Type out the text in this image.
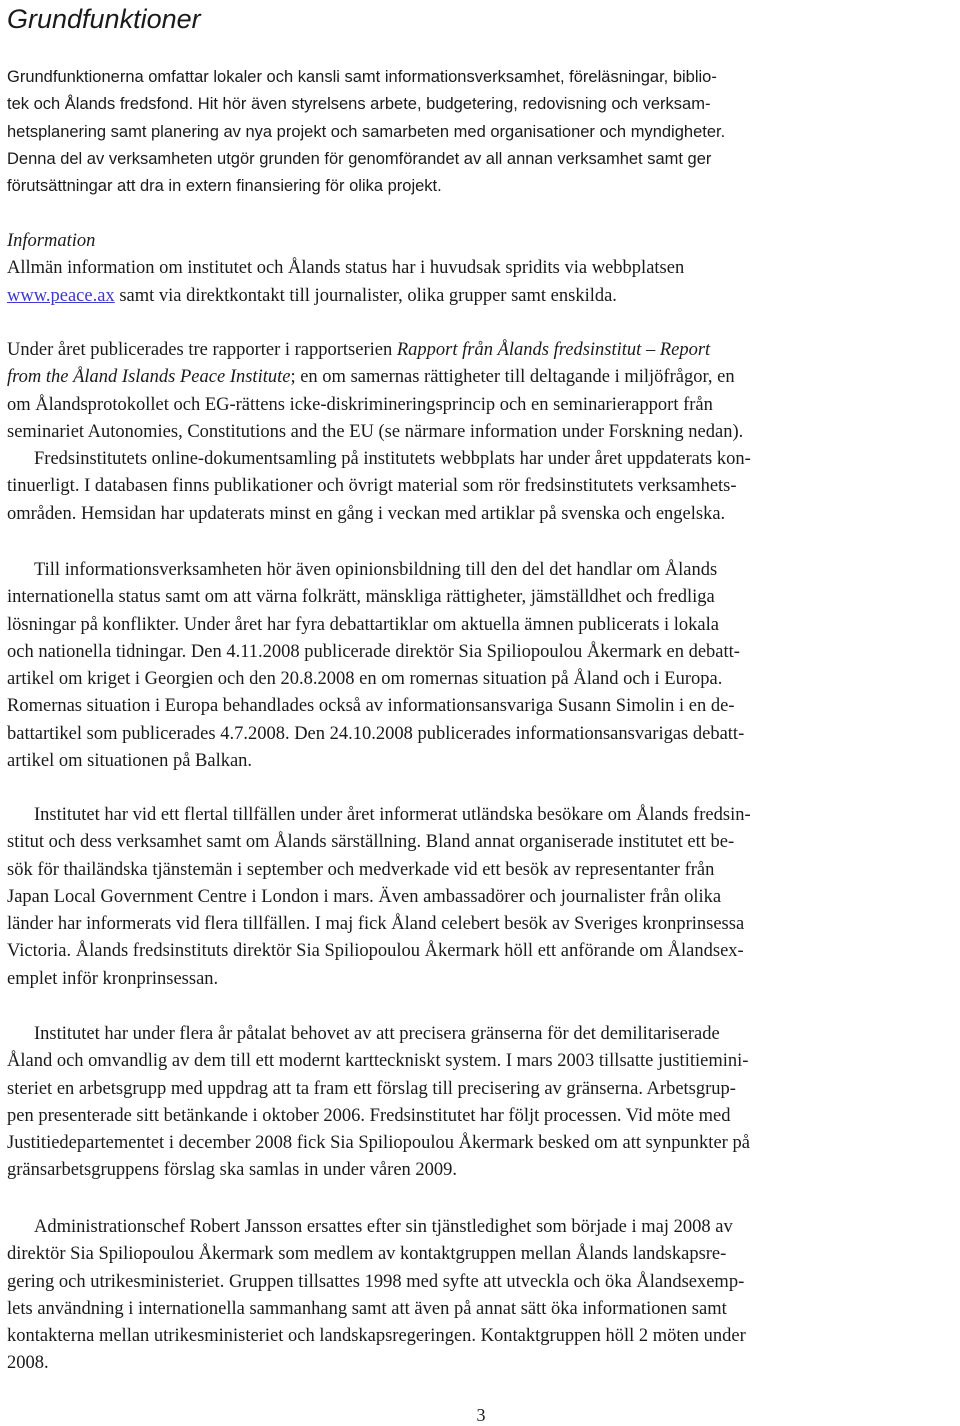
Grundfunktioner
Grundfunktionerna omfattar lokaler och kansli samt informationsverksamhet, föreläsningar, biblio-
tek och Ålands fredsfond. Hit hör även styrelsens arbete, budgetering, redovisning och verksam-
hetsplanering samt planering av nya projekt och samarbeten med organisationer och myndigheter.
Denna del av verksamheten utgör grunden för genomförandet av all annan verksamhet samt ger
förutsättningar att dra in extern finansiering för olika projekt.
Information
Allmän information om institutet och Ålands status har i huvudsak spridits via webbplatsen
www.peace.ax samt via direktkontakt till journalister, olika grupper samt enskilda.
Under året publicerades tre rapporter i rapportserien Rapport från Ålands fredsinstitut – Report
from the Åland Islands Peace Institute; en om samernas rättigheter till deltagande i miljöfrågor, en
om Ålandsprotokollet och EG-rättens icke-diskrimineringsprincip och en seminarierapport från
seminariet Autonomies, Constitutions and the EU (se närmare information under Forskning nedan).
Fredsinstitutets online-dokumentsamling på institutets webbplats har under året uppdaterats kon-
tinuerligt. I databasen finns publikationer och övrigt material som rör fredsinstitutets verksamhets-
områden. Hemsidan har updaterats minst en gång i veckan med artiklar på svenska och engelska.
Till informationsverksamheten hör även opinionsbildning till den del det handlar om Ålands
internationella status samt om att värna folkrätt, mänskliga rättigheter, jämställdhet och fredliga
lösningar på konflikter. Under året har fyra debattartiklar om aktuella ämnen publicerats i lokala
och nationella tidningar. Den 4.11.2008 publicerade direktör Sia Spiliopoulou Åkermark en debatt-
artikel om kriget i Georgien och den 20.8.2008 en om romernas situation på Åland och i Europa.
Romernas situation i Europa behandlades också av informationsansvariga Susann Simolin i en de-
battartikel som publicerades 4.7.2008. Den 24.10.2008 publicerades informationsansvarigas debatt-
artikel om situationen på Balkan.
Institutet har vid ett flertal tillfällen under året informerat utländska besökare om Ålands fredsin-
stitut och dess verksamhet samt om Ålands särställning. Bland annat organiserade institutet ett be-
sök för thailändska tjänstemän i september och medverkade vid ett besök av representanter från
Japan Local Government Centre i London i mars. Även ambassadörer och journalister från olika
länder har informerats vid flera tillfällen. I maj fick Åland celebert besök av Sveriges kronprinsessa
Victoria. Ålands fredsinstituts direktör Sia Spiliopoulou Åkermark höll ett anförande om Ålandsex-
emplet inför kronprinsessan.
Institutet har under flera år påtalat behovet av att precisera gränserna för det demilitariserade
Åland och omvandlig av dem till ett modernt kartteckniskt system. I mars 2003 tillsatte justitiemini-
steriet en arbetsgrupp med uppdrag att ta fram ett förslag till precisering av gränserna. Arbetsgrup-
pen presenterade sitt betänkande i oktober 2006. Fredsinstitutet har följt processen. Vid möte med
Justitiedepartementet i december 2008 fick Sia Spiliopoulou Åkermark besked om att synpunkter på
gränsarbetsgruppens förslag ska samlas in under våren 2009.
Administrationschef Robert Jansson ersattes efter sin tjänstledighet som började i maj 2008 av
direktör Sia Spiliopoulou Åkermark som medlem av kontaktgruppen mellan Ålands landskapsre-
gering och utrikesministeriet. Gruppen tillsattes 1998 med syfte att utveckla och öka Ålandsexemp-
lets användning i internationella sammanhang samt att även på annat sätt öka informationen samt
kontakterna mellan utrikesministeriet och landskapsregeringen. Kontaktgruppen höll 2 möten under
2008.
3
